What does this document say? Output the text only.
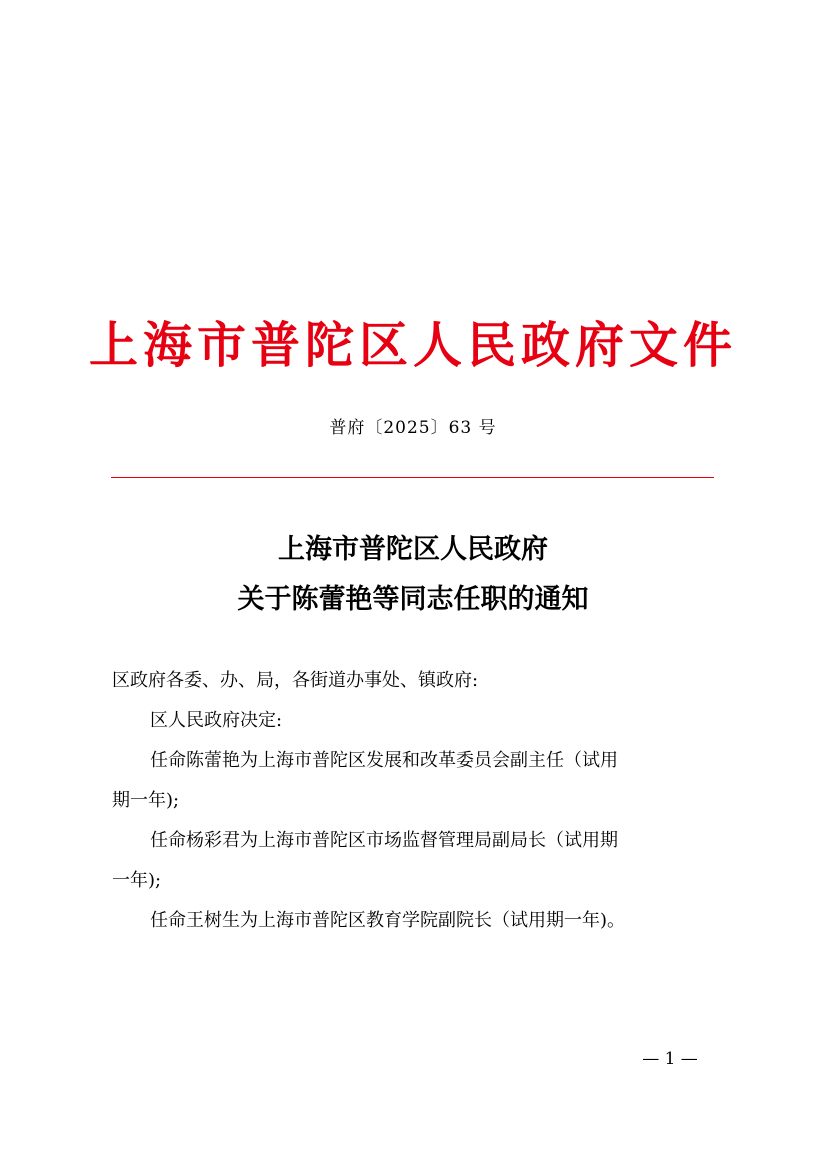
上海市普陀区人民政府文件
普府〔2025〕63 号
上海市普陀区人民政府
关于陈蕾艳等同志任职的通知
区政府各委、办、局，各街道办事处、镇政府:
区人民政府决定:
任命陈蕾艳为上海市普陀区发展和改革委员会副主任（试用
期一年);
任命杨彩君为上海市普陀区市场监督管理局副局长（试用期
一年);
任命王树生为上海市普陀区教育学院副院长（试用期一年)。
— 1 —
